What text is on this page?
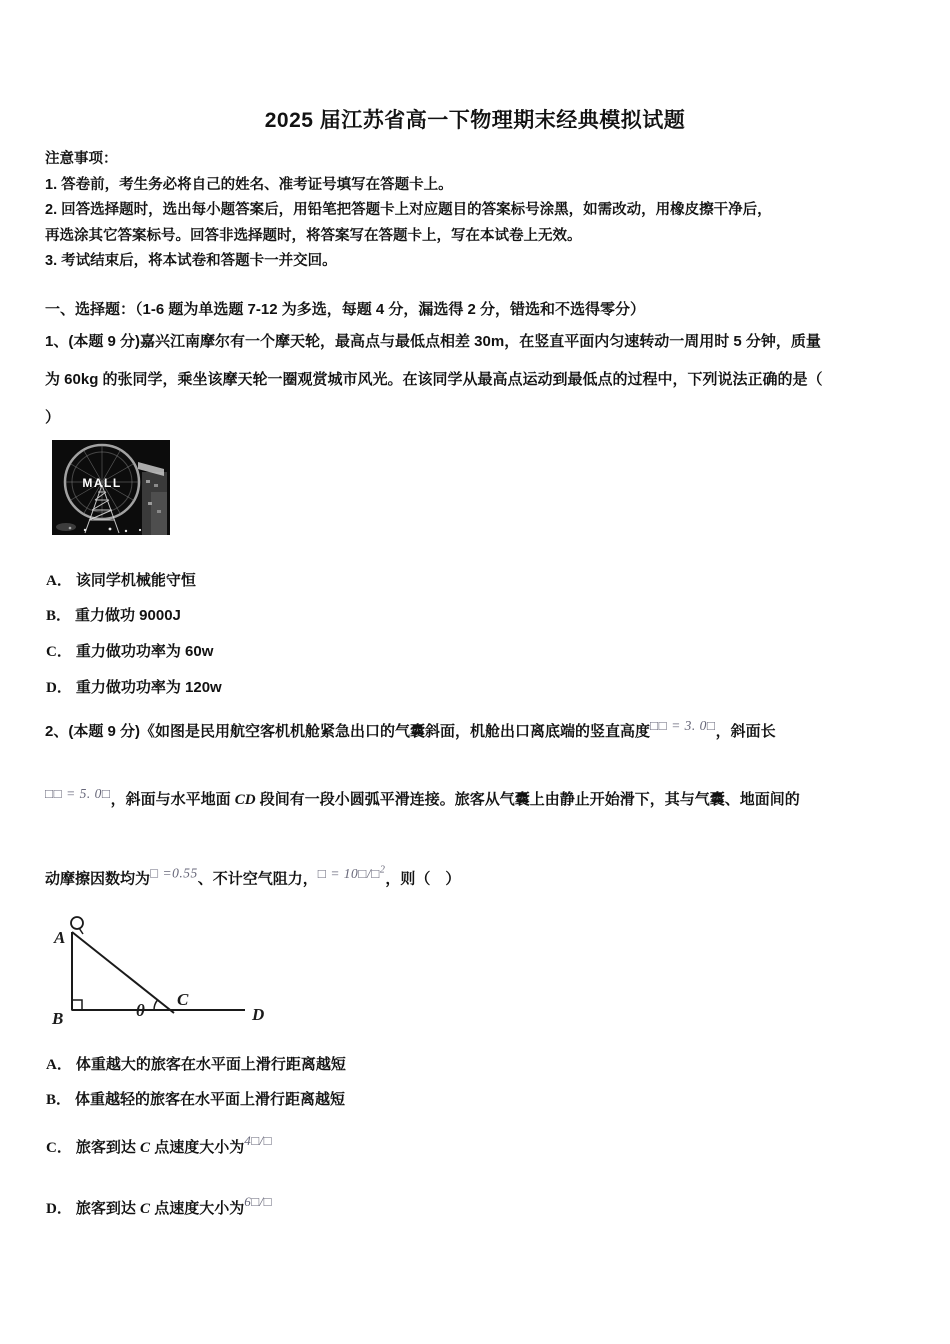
2025 届江苏省高一下物理期末经典模拟试题
注意事项：
1. 答卷前，考生务必将自己的姓名、准考证号填写在答题卡上。
2. 回答选择题时，选出每小题答案后，用铅笔把答题卡上对应题目的答案标号涂黑，如需改动，用橡皮擦干净后，
再选涂其它答案标号。回答非选择题时，将答案写在答题卡上，写在本试卷上无效。
3. 考试结束后，将本试卷和答题卡一并交回。
一、选择题：（1-6 题为单选题 7-12 为多选，每题 4 分，漏选得 2 分，错选和不选得零分）
1、(本题 9 分)嘉兴江南摩尔有一个摩天轮，最高点与最低点相差 30m，在竖直平面内匀速转动一周用时 5 分钟，质量
为 60kg 的张同学，乘坐该摩天轮一圈观赏城市风光。在该同学从最高点运动到最低点的过程中，下列说法正确的是（
）
MALL
A． 该同学机械能守恒
B． 重力做功 9000J
C． 重力做功功率为 60w
D． 重力做功功率为 120w
2、(本题 9 分)《如图是民用航空客机机舱紧急出口的气囊斜面，机舱出口离底端的竖直高度□□ = 3. 0□，斜面长
□□ = 5. 0□，斜面与水平地面 CD 段间有一段小圆弧平滑连接。旅客从气囊上由静止开始滑下，其与气囊、地面间的
动摩擦因数均为□ =0.55、不计空气阻力，□ = 10□/□$^2$，则（　）
A
B
C
D
θ
A． 体重越大的旅客在水平面上滑行距离越短
B． 体重越轻的旅客在水平面上滑行距离越短
C． 旅客到达 C 点速度大小为4□/□
D． 旅客到达 C 点速度大小为6□/□
